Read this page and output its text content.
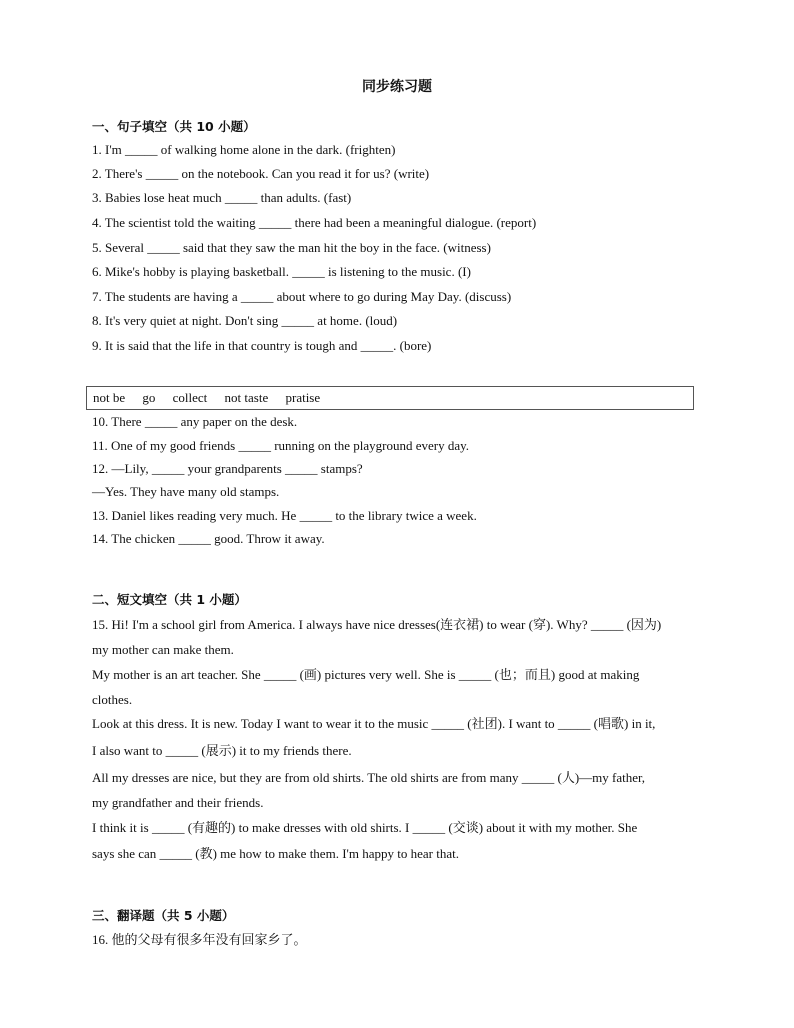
同步练习题
一、句子填空（共 10 小题）
1. I'm _____ of walking home alone in the dark. (frighten)
2. There's _____ on the notebook. Can you read it for us? (write)
3. Babies lose heat much _____ than adults. (fast)
4. The scientist told the waiting _____ there had been a meaningful dialogue. (report)
5. Several _____ said that they saw the man hit the boy in the face. (witness)
6. Mike's hobby is playing basketball. _____ is listening to the music. (I)
7. The students are having a _____ about where to go during May Day. (discuss)
8. It's very quiet at night. Don't sing _____ at home. (loud)
9. It is said that the life in that country is tough and _____. (bore)
not be go collect not taste pratise
10. There _____ any paper on the desk.
11. One of my good friends _____ running on the playground every day.
12. —Lily, _____ your grandparents _____ stamps?
—Yes. They have many old stamps.
13. Daniel likes reading very much. He _____ to the library twice a week.
14. The chicken _____ good. Throw it away.
二、短文填空（共 1 小题）
15. Hi! I'm a school girl from America. I always have nice dresses(连衣裙) to wear (穿). Why? _____ (因为)
my mother can make them.
My mother is an art teacher. She _____ (画) pictures very well. She is _____ (也；而且) good at making
clothes.
Look at this dress. It is new. Today I want to wear it to the music _____ (社团). I want to _____ (唱歌) in it,
I also want to _____ (展示) it to my friends there.
All my dresses are nice, but they are from old shirts. The old shirts are from many _____ (人)—my father,
my grandfather and their friends.
I think it is _____ (有趣的) to make dresses with old shirts. I _____ (交谈) about it with my mother. She
says she can _____ (教) me how to make them. I'm happy to hear that.
三、翻译题（共 5 小题）
16. 他的父母有很多年没有回家乡了。
